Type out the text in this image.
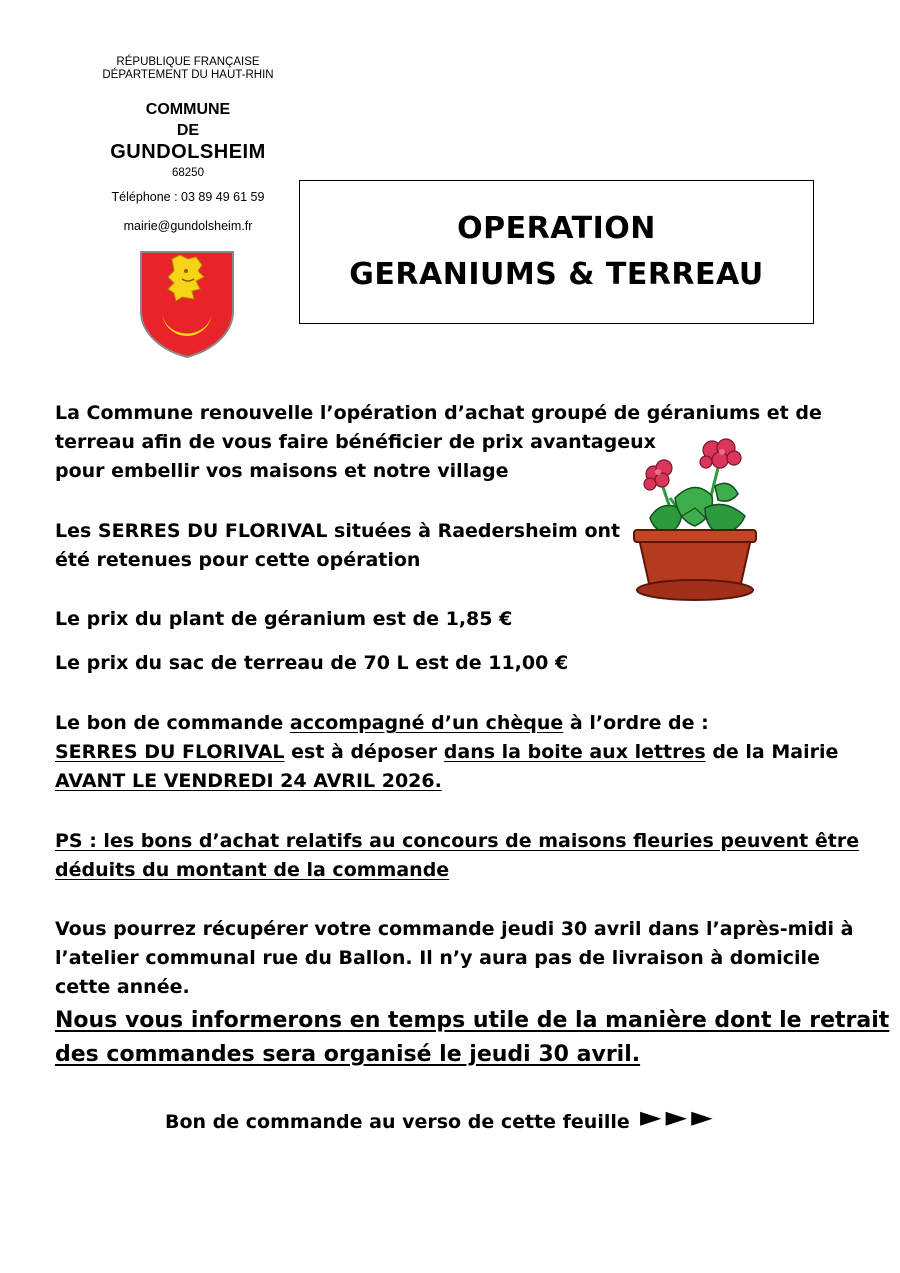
RÉPUBLIQUE FRANÇAISE
DÉPARTEMENT DU HAUT-RHIN
COMMUNE
DE
GUNDOLSHEIM
68250
Téléphone : 03 89 49 61 59
mairie@gundolsheim.fr	OPERATION
GERANIUMS & TERREAU
La Commune renouvelle l’opération d’achat groupé de géraniums et de
terreau afin de vous faire bénéficier de prix avantageux
pour embellir vos maisons et notre village
Les SERRES DU FLORIVAL situées à Raedersheim ont
été retenues pour cette opération
Le prix du plant de géranium est de 1,85 €
Le prix du sac de terreau de 70 L est de 11,00 €
Le bon de commande accompagné d’un chèque à l’ordre de :
SERRES DU FLORIVAL est à déposer dans la boite aux lettres de la Mairie
AVANT LE VENDREDI 24 AVRIL 2026.
PS : les bons d’achat relatifs au concours de maisons fleuries peuvent être
déduits du montant de la commande
Vous pourrez récupérer votre commande jeudi 30 avril dans l’après-midi à
l’atelier communal rue du Ballon. Il n’y aura pas de livraison à domicile
cette année.
Nous vous informerons en temps utile de la manière dont le retrait
des commandes sera organisé le jeudi 30 avril.
Bon de commande au verso de cette feuille ►►►
